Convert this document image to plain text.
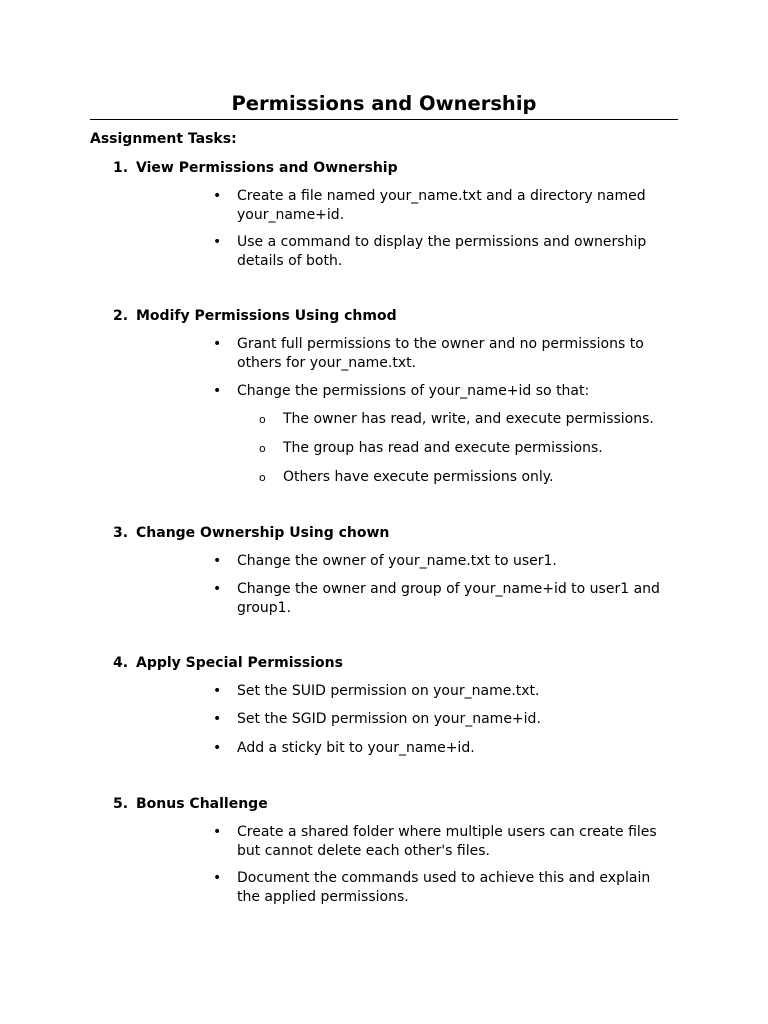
Permissions and Ownership
Assignment Tasks:
1. View Permissions and Ownership
• Create a file named your_name.txt and a directory named your_name+id.
• Use a command to display the permissions and ownership details of both.
2. Modify Permissions Using chmod
• Grant full permissions to the owner and no permissions to others for your_name.txt.
• Change the permissions of your_name+id so that:
o The owner has read, write, and execute permissions.
o The group has read and execute permissions.
o Others have execute permissions only.
3. Change Ownership Using chown
• Change the owner of your_name.txt to user1.
• Change the owner and group of your_name+id to user1 and group1.
4. Apply Special Permissions
• Set the SUID permission on your_name.txt.
• Set the SGID permission on your_name+id.
• Add a sticky bit to your_name+id.
5. Bonus Challenge
• Create a shared folder where multiple users can create files but cannot delete each other's files.
• Document the commands used to achieve this and explain the applied permissions.
